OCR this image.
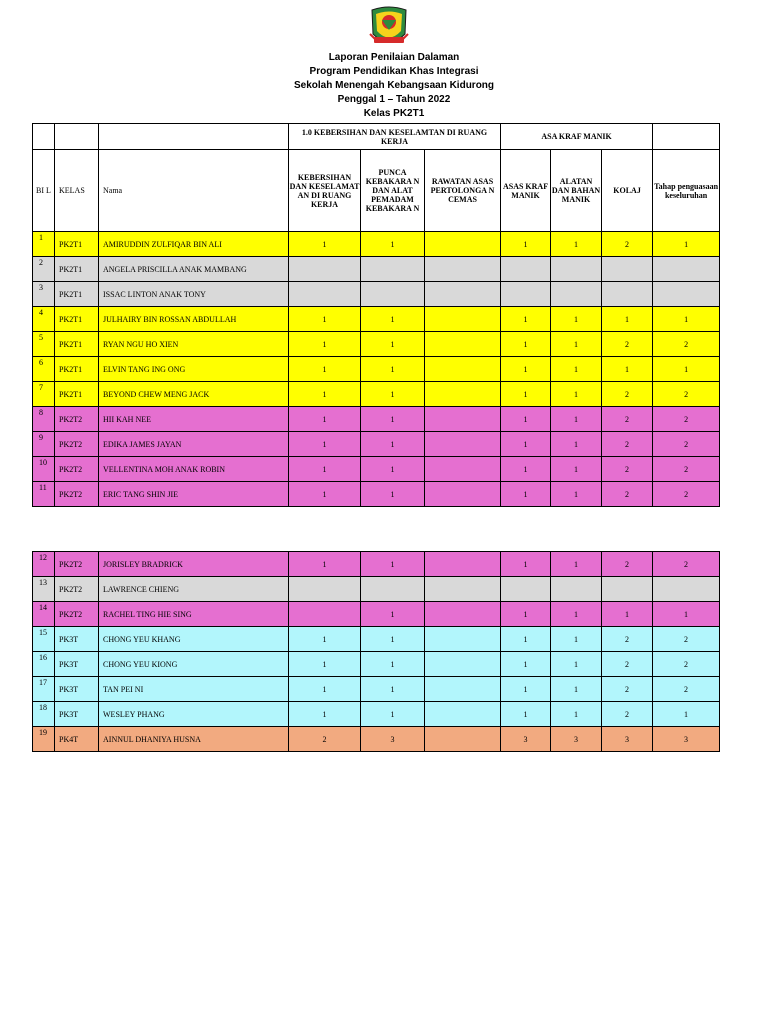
Laporan Penilaian Dalaman
Program Pendidikan Khas Integrasi
Sekolah Menengah Kebangsaan Kidurong
Penggal 1 – Tahun 2022
Kelas PK2T1
			1.0 KEBERSIHAN DAN KESELAMTAN DI RUANG KERJA			ASA KRAF MANIK			
BI L	KELAS	Nama	KEBERSIHAN DAN KESELAMAT AN DI RUANG KERJA	PUNCA KEBAKARA N DAN ALAT PEMADAM KEBAKARA N	RAWATAN ASAS PERTOLONGA N CEMAS	ASAS KRAF MANIK	ALATAN DAN BAHAN MANIK	KOLAJ	Tahap penguasaan keseluruhan
1	PK2T1	AMIRUDDIN ZULFIQAR BIN ALI	1	1		1	1	2	1
2	PK2T1	ANGELA PRISCILLA ANAK MAMBANG							
3	PK2T1	ISSAC LINTON ANAK TONY							
4	PK2T1	JULHAIRY BIN ROSSAN ABDULLAH	1	1		1	1	1	1
5	PK2T1	RYAN NGU HO XIEN	1	1		1	1	2	2
6	PK2T1	ELVIN TANG ING ONG	1	1		1	1	1	1
7	PK2T1	BEYOND CHEW MENG JACK	1	1		1	1	2	2
8	PK2T2	HII KAH NEE	1	1		1	1	2	2
9	PK2T2	EDIKA JAMES JAYAN	1	1		1	1	2	2
10	PK2T2	VELLENTINA MOH ANAK ROBIN	1	1		1	1	2	2
11	PK2T2	ERIC TANG SHIN JIE	1	1		1	1	2	2
12	PK2T2	JORISLEY BRADRICK	1	1		1	1	2	2
13	PK2T2	LAWRENCE CHIENG							
14	PK2T2	RACHEL TING HIE SING		1		1	1	1	1
15	PK3T	CHONG YEU KHANG	1	1		1	1	2	2
16	PK3T	CHONG YEU KIONG	1	1		1	1	2	2
17	PK3T	TAN PEI NI	1	1		1	1	2	2
18	PK3T	WESLEY PHANG	1	1		1	1	2	1
19	PK4T	AINNUL DHANIYA HUSNA	2	3		3	3	3	3
